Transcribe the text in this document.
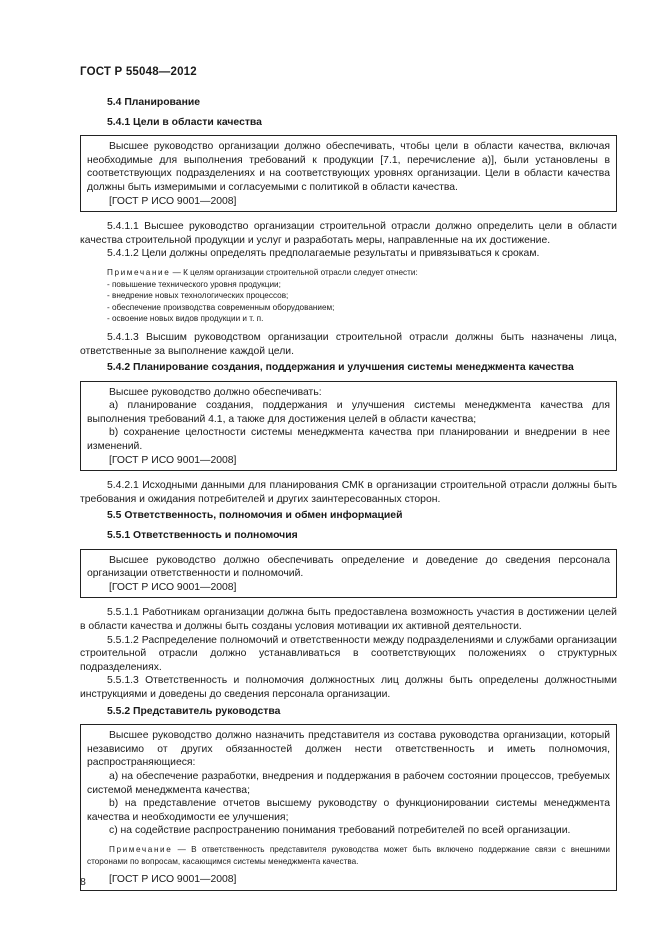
ГОСТ Р 55048—2012

5.4 Планирование

5.4.1 Цели в области качества

Высшее руководство организации должно обеспечивать, чтобы цели в области качества, включая необходимые для выполнения требований к продукции [7.1, перечисление а)], были установлены в соответствующих подразделениях и на соответствующих уровнях организации. Цели в области качества должны быть измеримыми и согласуемыми с политикой в области качества.

[ГОСТ Р ИСО 9001—2008]

5.4.1.1 Высшее руководство организации строительной отрасли должно определить цели в области качества строительной продукции и услуг и разработать меры, направленные на их достижение.

5.4.1.2 Цели должны определять предполагаемые результаты и привязываться к срокам.

Примечание — К целям организации строительной отрасли следует отнести:

- повышение технического уровня продукции;

- внедрение новых технологических процессов;

- обеспечение производства современным оборудованием;

- освоение новых видов продукции и т. п.

5.4.1.3 Высшим руководством организации строительной отрасли должны быть назначены лица, ответственные за выполнение каждой цели.

5.4.2 Планирование создания, поддержания и улучшения системы менеджмента качества

Высшее руководство должно обеспечивать:

а) планирование создания, поддержания и улучшения системы менеджмента качества для выполнения требований 4.1, а также для достижения целей в области качества;

b) сохранение целостности системы менеджмента качества при планировании и внедрении в нее изменений.

[ГОСТ Р ИСО 9001—2008]

5.4.2.1 Исходными данными для планирования СМК в организации строительной отрасли должны быть требования и ожидания потребителей и других заинтересованных сторон.

5.5 Ответственность, полномочия и обмен информацией

5.5.1 Ответственность и полномочия

Высшее руководство должно обеспечивать определение и доведение до сведения персонала организации ответственности и полномочий.

[ГОСТ Р ИСО 9001—2008]

5.5.1.1 Работникам организации должна быть предоставлена возможность участия в достижении целей в области качества и должны быть созданы условия мотивации их активной деятельности.

5.5.1.2 Распределение полномочий и ответственности между подразделениями и службами организации строительной отрасли должно устанавливаться в соответствующих положениях о структурных подразделениях.

5.5.1.3 Ответственность и полномочия должностных лиц должны быть определены должностными инструкциями и доведены до сведения персонала организации.

5.5.2 Представитель руководства

Высшее руководство должно назначить представителя из состава руководства организации, который независимо от других обязанностей должен нести ответственность и иметь полномочия, распространяющиеся:

а) на обеспечение разработки, внедрения и поддержания в рабочем состоянии процессов, требуемых системой менеджмента качества;

b) на представление отчетов высшему руководству о функционировании системы менеджмента качества и необходимости ее улучшения;

с) на содействие распространению понимания требований потребителей по всей организации.

Примечание — В ответственность представителя руководства может быть включено поддержание связи с внешними сторонами по вопросам, касающимся системы менеджмента качества.

[ГОСТ Р ИСО 9001—2008]

8
